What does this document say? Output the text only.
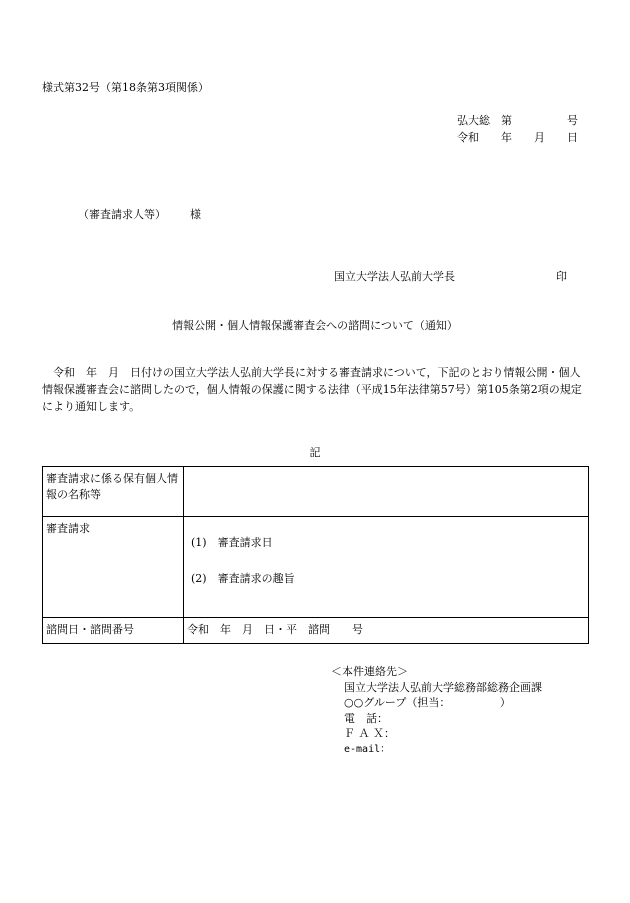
様式第32号（第18条第3項関係）
弘大総　第　　　　　号
令和　　年　　月　　日
（審査請求人等） 様
国立大学法人弘前大学長	印
情報公開・個人情報保護審査会への諮問について（通知）
令和　年　月　日付けの国立大学法人弘前大学長に対する審査請求について，下記のとおり情報公開・個人情報保護審査会に諮問したので，個人情報の保護に関する法律（平成15年法律第57号）第105条第2項の規定により通知します。
記
審査請求に係る保有個人情報の名称等	
審査請求	(1)　審査請求日
(2)　審査請求の趣旨

諮問日・諮問番号	令和　年　月　日・平　諮問　　号
＜本件連絡先＞
国立大学法人弘前大学総務部総務企画課
○○グループ（担当：　　　　　）
電　話：
Ｆ Ａ Ｘ：
e-mail：
